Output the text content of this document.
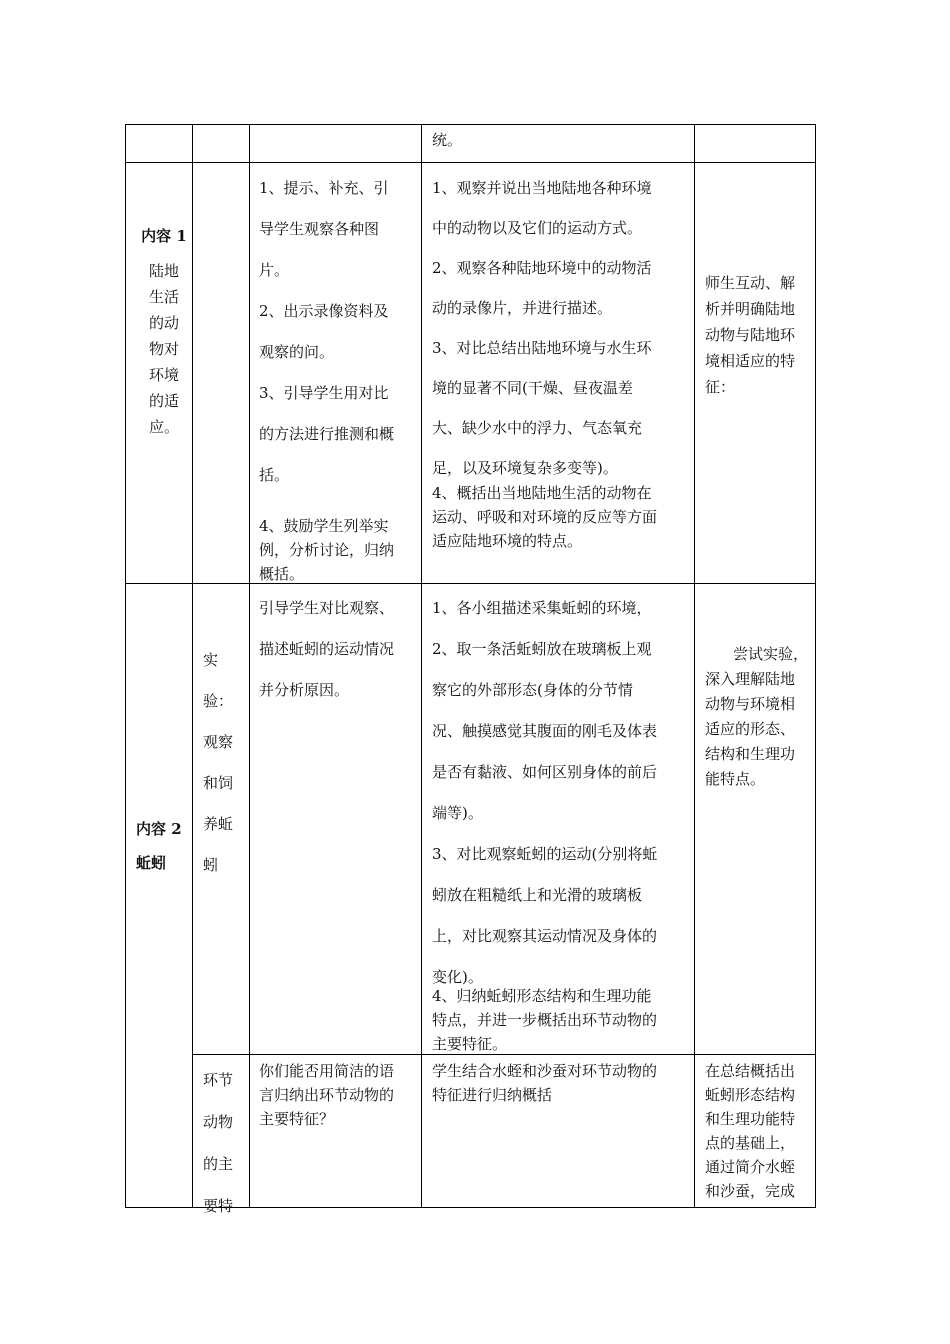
统。
内容 1
陆地
生活
的动
物对
环境
的适
应。
1、提示、补充、引
导学生观察各种图
片。
2、出示录像资料及
观察的问。
3、引导学生用对比
的方法进行推测和概
括。
4、鼓励学生列举实
例，分析讨论，归纳
概括。
1、观察并说出当地陆地各种环境
中的动物以及它们的运动方式。
2、观察各种陆地环境中的动物活
动的录像片，并进行描述。
3、对比总结出陆地环境与水生环
境的显著不同(干燥、昼夜温差
大、缺少水中的浮力、气态氧充
足，以及环境复杂多变等)。
4、概括出当地陆地生活的动物在
运动、呼吸和对环境的反应等方面
适应陆地环境的特点。
师生互动、解
析并明确陆地
动物与陆地环
境相适应的特
征：
内容 2
蚯蚓
实
验：
观察
和饲
养蚯
蚓
引导学生对比观察、
描述蚯蚓的运动情况
并分析原因。
1、各小组描述采集蚯蚓的环境，
2、取一条活蚯蚓放在玻璃板上观
察它的外部形态(身体的分节情
况、触摸感觉其腹面的刚毛及体表
是否有黏液、如何区别身体的前后
端等)。
3、对比观察蚯蚓的运动(分别将蚯
蚓放在粗糙纸上和光滑的玻璃板
上，对比观察其运动情况及身体的
变化)。
4、归纳蚯蚓形态结构和生理功能
特点，并进一步概括出环节动物的
主要特征。
尝试实验，
深入理解陆地
动物与环境相
适应的形态、
结构和生理功
能特点。
环节
动物
的主
要特
你们能否用简洁的语
言归纳出环节动物的
主要特征？
学生结合水蛭和沙蚕对环节动物的
特征进行归纳概括
在总结概括出
蚯蚓形态结构
和生理功能特
点的基础上，
通过简介水蛭
和沙蚕，完成
